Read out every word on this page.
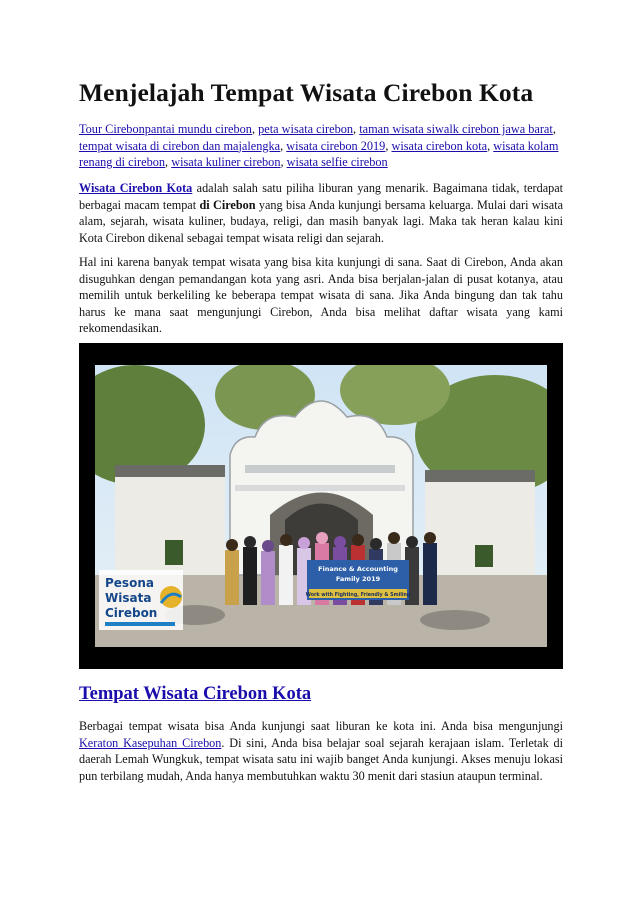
Menjelajah Tempat Wisata Cirebon Kota
Tour Cirebonpantai mundu cirebon, peta wisata cirebon, taman wisata siwalk cirebon jawa barat, tempat wisata di cirebon dan majalengka, wisata cirebon 2019, wisata cirebon kota, wisata kolam renang di cirebon, wisata kuliner cirebon, wisata selfie cirebon

Wisata Cirebon Kota adalah salah satu piliha liburan yang menarik. Bagaimana tidak, terdapat berbagai macam tempat di Cirebon yang bisa Anda kunjungi bersama keluarga. Mulai dari wisata alam, sejarah, wisata kuliner, budaya, religi, dan masih banyak lagi. Maka tak heran kalau kini Kota Cirebon dikenal sebagai tempat wisata religi dan sejarah.

Hal ini karena banyak tempat wisata yang bisa kita kunjungi di sana. Saat di Cirebon, Anda akan disuguhkan dengan pemandangan kota yang asri. Anda bisa berjalan-jalan di pusat kotanya, atau memilih untuk berkeliling ke beberapa tempat wisata di sana. Jika Anda bingung dan tak tahu harus ke mana saat mengunjungi Cirebon, Anda bisa melihat daftar wisata yang kami rekomendasikan.

Finance & Accounting
Family 2019
Work with Fighting, Friendly & Smiling
Pesona
Wisata
Cirebon
Tempat Wisata Cirebon Kota

Berbagai tempat wisata bisa Anda kunjungi saat liburan ke kota ini. Anda bisa mengunjungi Keraton Kasepuhan Cirebon. Di sini, Anda bisa belajar soal sejarah kerajaan islam. Terletak di daerah Lemah Wungkuk, tempat wisata satu ini wajib banget Anda kunjungi. Akses menuju lokasi pun terbilang mudah, Anda hanya membutuhkan waktu 30 menit dari stasiun ataupun terminal.
